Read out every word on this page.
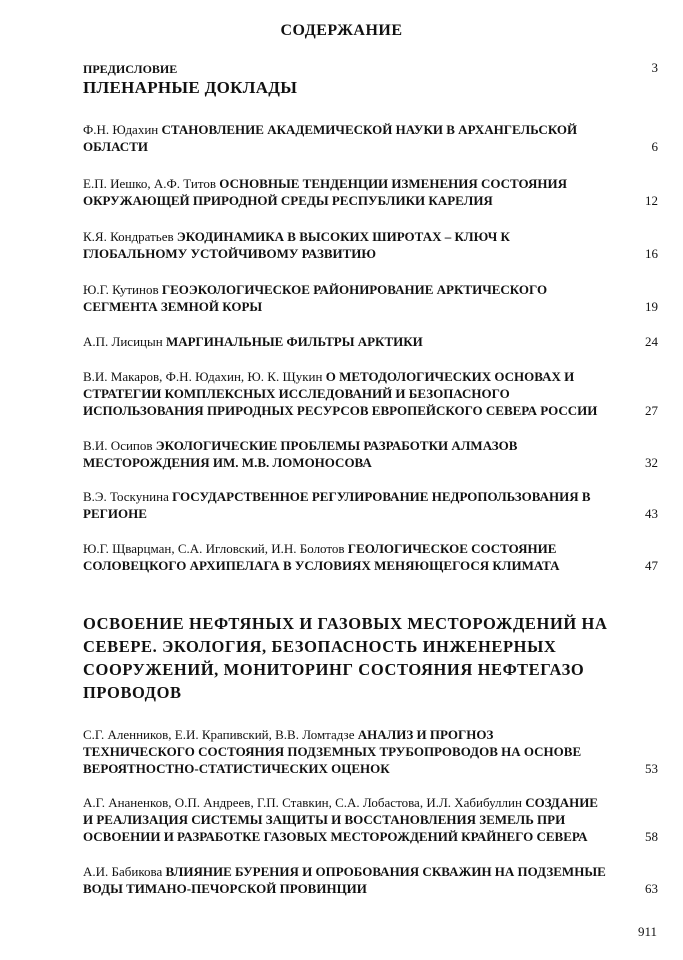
СОДЕРЖАНИЕ
ПРЕДИСЛОВИЕ	3
ПЛЕНАРНЫЕ ДОКЛАДЫ
Ф.Н. Юдахин СТАНОВЛЕНИЕ АКАДЕМИЧЕСКОЙ НАУКИ В АРХАНГЕЛЬСКОЙ ОБЛАСТИ	6
Е.П. Иешко, А.Ф. Титов ОСНОВНЫЕ ТЕНДЕНЦИИ ИЗМЕНЕНИЯ СОСТОЯНИЯ ОКРУЖАЮЩЕЙ ПРИРОДНОЙ СРЕДЫ РЕСПУБЛИКИ КАРЕЛИЯ	12
К.Я. Кондратьев ЭКОДИНАМИКА В ВЫСОКИХ ШИРОТАХ – КЛЮЧ К ГЛОБАЛЬНОМУ УСТОЙЧИВОМУ РАЗВИТИЮ	16
Ю.Г. Кутинов ГЕОЭКОЛОГИЧЕСКОЕ РАЙОНИРОВАНИЕ АРКТИЧЕСКОГО СЕГМЕНТА ЗЕМНОЙ КОРЫ	19
А.П. Лисицын МАРГИНАЛЬНЫЕ ФИЛЬТРЫ АРКТИКИ	24
В.И. Макаров, Ф.Н. Юдахин, Ю. К. Щукин О МЕТОДОЛОГИЧЕСКИХ ОСНОВАХ И СТРАТЕГИИ КОМПЛЕКСНЫХ ИССЛЕДОВАНИЙ И БЕЗОПАСНОГО ИСПОЛЬЗОВАНИЯ ПРИРОДНЫХ РЕСУРСОВ ЕВРОПЕЙСКОГО СЕВЕРА РОССИИ	27
В.И. Осипов ЭКОЛОГИЧЕСКИЕ ПРОБЛЕМЫ РАЗРАБОТКИ АЛМАЗОВ МЕСТОРОЖДЕНИЯ ИМ. М.В. ЛОМОНОСОВА	32
В.Э. Тоскунина ГОСУДАРСТВЕННОЕ РЕГУЛИРОВАНИЕ НЕДРОПОЛЬЗОВАНИЯ В РЕГИОНЕ	43
Ю.Г. Щварцман, С.А. Игловский, И.Н. Болотов ГЕОЛОГИЧЕСКОЕ СОСТОЯНИЕ СОЛОВЕЦКОГО АРХИПЕЛАГА В УСЛОВИЯХ МЕНЯЮЩЕГОСЯ КЛИМАТА	47
ОСВОЕНИЕ НЕФТЯНЫХ И ГАЗОВЫХ МЕСТОРОЖДЕНИЙ НА СЕВЕРЕ. ЭКОЛОГИЯ, БЕЗОПАСНОСТЬ ИНЖЕНЕРНЫХ СООРУЖЕНИЙ, МОНИТОРИНГ СОСТОЯНИЯ НЕФТЕГАЗО ПРОВОДОВ
С.Г. Аленников, Е.И. Крапивский, В.В. Ломтадзе АНАЛИЗ И ПРОГНОЗ ТЕХНИЧЕСКОГО СОСТОЯНИЯ ПОДЗЕМНЫХ ТРУБОПРОВОДОВ НА ОСНОВЕ ВЕРОЯТНОСТНО-СТАТИСТИЧЕСКИХ ОЦЕНОК	53
А.Г. Ананенков, О.П. Андреев, Г.П. Ставкин, С.А. Лобастова, И.Л. Хабибуллин СОЗДАНИЕ И РЕАЛИЗАЦИЯ СИСТЕМЫ ЗАЩИТЫ И ВОССТАНОВЛЕНИЯ ЗЕМЕЛЬ ПРИ ОСВОЕНИИ И РАЗРАБОТКЕ ГАЗОВЫХ МЕСТОРОЖДЕНИЙ КРАЙНЕГО СЕВЕРА	58
А.И. Бабикова ВЛИЯНИЕ БУРЕНИЯ И ОПРОБОВАНИЯ СКВАЖИН НА ПОДЗЕМНЫЕ ВОДЫ ТИМАНО-ПЕЧОРСКОЙ ПРОВИНЦИИ	63
911
